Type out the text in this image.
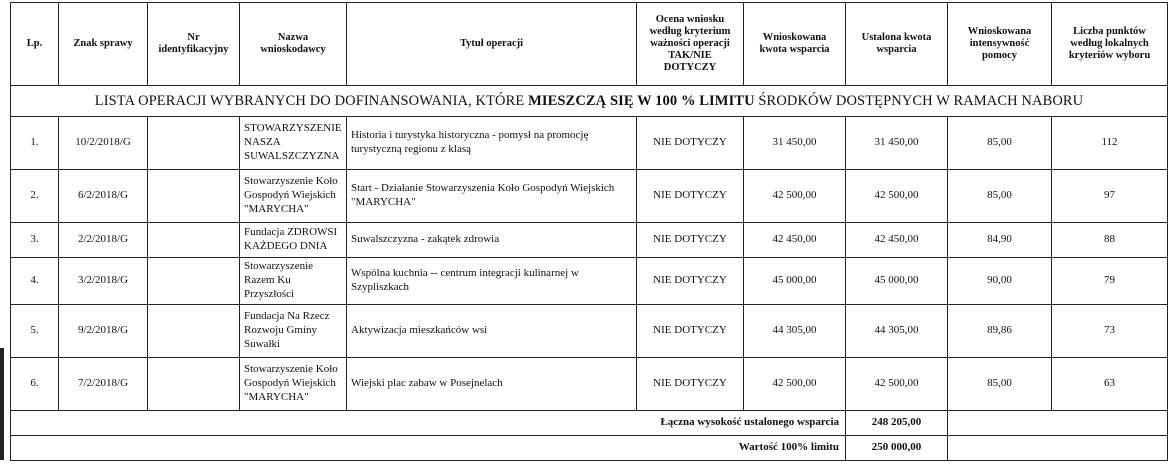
Lp.	Znak sprawy	Nr identyfikacyjny	Nazwa wnioskodawcy	Tytuł operacji	Ocena wniosku według kryterium ważności operacji TAK/NIE DOTYCZY	Wnioskowana kwota wsparcia	Ustalona kwota wsparcia	Wnioskowana intensywność pomocy	Liczba punktów według lokalnych kryteriów wyboru
LISTA OPERACJI WYBRANYCH DO DOFINANSOWANIA, KTÓRE MIESZCZĄ SIĘ W 100 % LIMITU ŚRODKÓW DOSTĘPNYCH W RAMACH NABORU									
1.	10/2/2018/G		STOWARZYSZENIE NASZA SUWALSZCZYZNA	Historia i turystyka historyczna - pomysł na promocję turystyczną regionu z klasą	NIE DOTYCZY	31 450,00	31 450,00	85,00	112
2.	6/2/2018/G		Stowarzyszenie Koło Gospodyń Wiejskich "MARYCHA"	Start - Działanie Stowarzyszenia Koło Gospodyń Wiejskich "MARYCHA"	NIE DOTYCZY	42 500,00	42 500,00	85,00	97
3.	2/2/2018/G		Fundacja ZDROWSI KAŻDEGO DNIA	Suwalszczyzna - zakątek zdrowia	NIE DOTYCZY	42 450,00	42 450,00	84,90	88
4.	3/2/2018/G		Stowarzyszenie Razem Ku Przyszłości	Wspólna kuchnia -- centrum integracji kulinarnej w Szypliszkach	NIE DOTYCZY	45 000,00	45 000,00	90,00	79
5.	9/2/2018/G		Fundacja Na Rzecz Rozwoju Gminy Suwałki	Aktywizacja mieszkańców wsi	NIE DOTYCZY	44 305,00	44 305,00	89,86	73
6.	7/2/2018/G		Stowarzyszenie Koło Gospodyń Wiejskich "MARYCHA"	Wiejski plac zabaw w Posejnelach	NIE DOTYCZY	42 500,00	42 500,00	85,00	63
Łączna wysokość ustalonego wsparcia							248 205,00		
Wartość 100% limitu							250 000,00		
